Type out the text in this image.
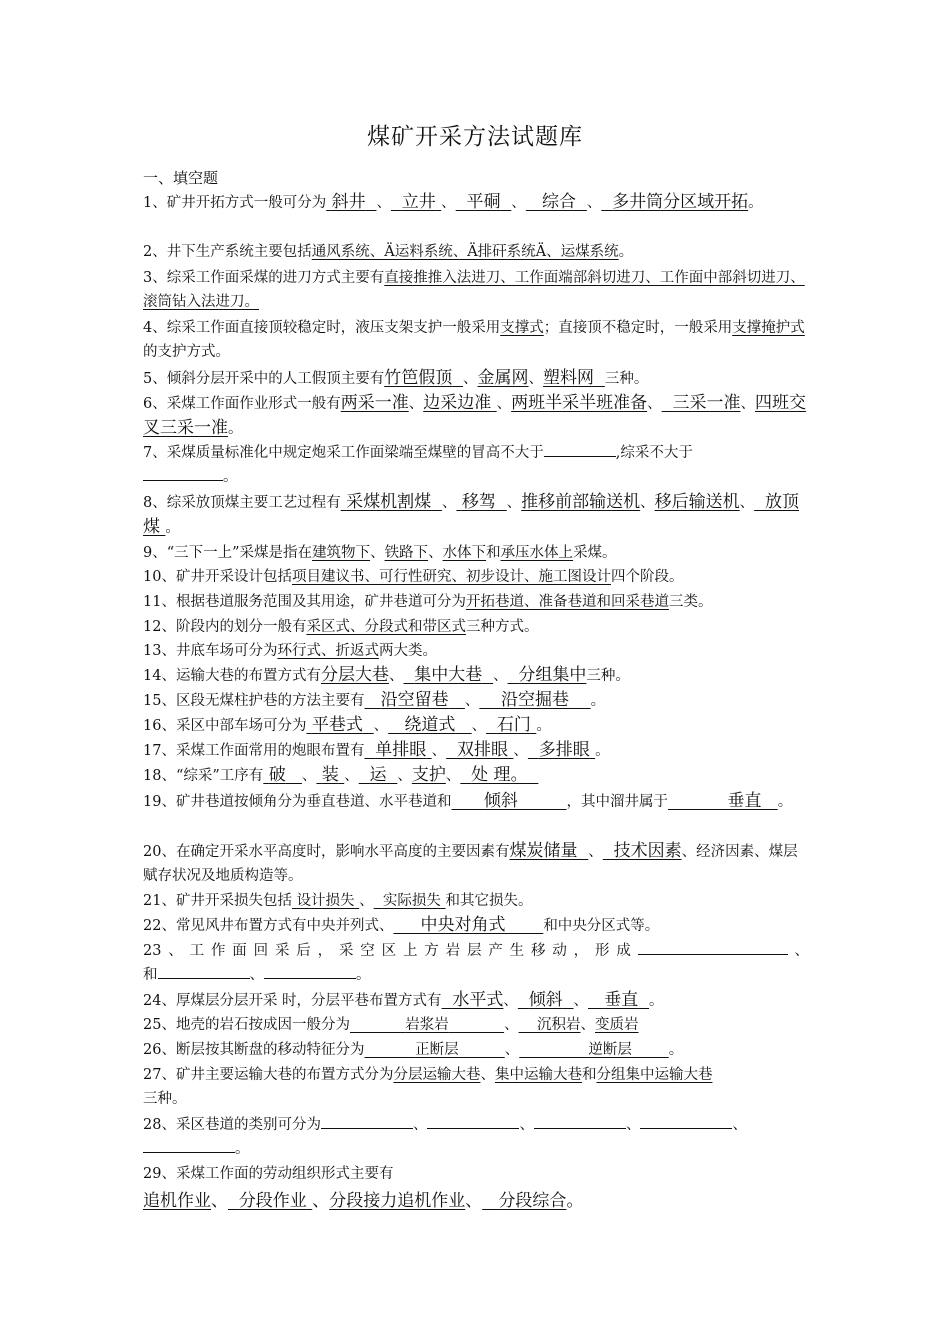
煤矿开采方法试题库

一、填空题

1、矿井开拓方式一般可分为 斜井 、 立井 、 平硐 、 综合 、 多井筒分区域开拓。

2、井下生产系统主要包括通风系统、Ä运料系统、Ä排矸系统Ä、运煤系统。

3、综采工作面采煤的进刀方式主要有直接推推入法进刀、工作面端部斜切进刀、工作面中部斜切进刀、滚筒钻入法进刀。

4、综采工作面直接顶较稳定时，液压支架支护一般采用支撑式；直接顶不稳定时，一般采用支撑掩护式 的支护方式。

5、倾斜分层开采中的人工假顶主要有竹笆假顶 、金属网、塑料网 三种。

6、采煤工作面作业形式一般有两采一准、边采边准 、两班半采半班准备、 三采一准、四班交叉三采一准。

7、采煤质量标准化中规定炮采工作面梁端至煤壁的冒高不大于	,综采不大于
。

8、综采放顶煤主要工艺过程有 采煤机割煤 、 移驾 、推移前部输送机、移后输送机、 放顶煤 。

9、“三下一上”采煤是指在建筑物下、铁路下、水体下和承压水体上采煤。

10、矿井开采设计包括项目建议书、可行性研究、初步设计、施工图设计四个阶段。

11、根据巷道服务范围及其用途，矿井巷道可分为开拓巷道、准备巷道和回采巷道三类。

12、阶段内的划分一般有采区式、分段式和带区式三种方式。

13、井底车场可分为环行式、折返式两大类。

14、运输大巷的布置方式有分层大巷、 集中大巷 、 分组集中三种。

15、区段无煤柱护巷的方法主要有 沿空留巷 、 沿空掘巷 。

16、采区中部车场可分为 平巷式 、 绕道式 、 石门 。

17、采煤工作面常用的炮眼布置有 单排眼 、 双排眼 、 多排眼 。

18、“综采”工序有 破 、 装 、 运 、支护、 处 理。

19、矿井巷道按倾角分为垂直巷道、水平巷道和 倾斜	，其中溜井属于	垂直 。

20、在确定开采水平高度时，影响水平高度的主要因素有煤炭储量 、 技术因素、经济因素、煤层赋存状况及地质构造等。

21、矿井开采损失包括 设计损失 、 实际损失 和其它损失。

22、常见风井布置方式有中央并列式、 中央对角式	和中央分区式等。

23、工作面回采后，采空区上方岩层产生移动，形成	、

和	、	。

24、厚煤层分层开采 时，分层平巷布置方式有 水平式、 倾斜 、 垂直 。

25、地壳的岩石按成因一般分为	岩浆岩	、 沉积岩、变质岩

26、断层按其断盘的移动特征分为	正断层	、	逆断层	。

27、矿井主要运输大巷的布置方式分为分层运输大巷、集中运输大巷和分组集中运输大巷
三种。

28、采区巷道的类别可分为	、	、	、	、
。

29、采煤工作面的劳动组织形式主要有

追机作业、 分段作业 、分段接力追机作业、 分段综合。
